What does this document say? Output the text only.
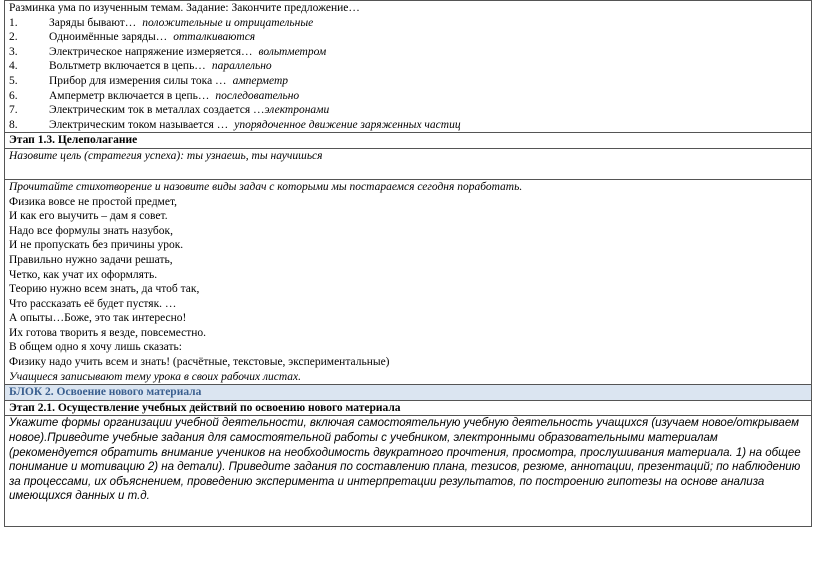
Разминка ума по изученным темам. Задание: Закончите предложение…

1.	Заряды бывают… положительные и отрицательные
2.	Одноимённые заряды… отталкиваются
3.	Электрическое напряжение измеряется… вольтметром
4.	Вольтметр включается в цепь… параллельно
5.	Прибор для измерения силы тока … амперметр
6.	Амперметр включается в цепь… последовательно
7.	Электрическим ток в металлах создается … электронами
8.	Электрическим током называется … упорядоченное движение заряженных частиц

Этап 1.3. Целеполагание
Назовите цель (стратегия успеха): ты узнаешь, ты научишься

Прочитайте стихотворение и назовите виды задач с которыми мы постараемся сегодня поработать.
Физика вовсе не простой предмет,
И как его выучить – дам я совет.
Надо все формулы знать назубок,
И не пропускать без причины урок.
Правильно нужно задачи решать,
Четко, как учат их оформлять.
Теорию нужно всем знать, да чтоб так,
Что рассказать её будет пустяк. …
А опыты…Боже, это так интересно!
Их готова творить я везде, повсеместно.
В общем одно я хочу лишь сказать:
Физику надо учить всем и знать! (расчётные, текстовые, экспериментальные)
Учащиеся записывают тему урока в своих рабочих листах.

БЛОК 2. Освоение нового материала
Этап 2.1. Осуществление учебных действий по освоению нового материала
Укажите формы организации учебной деятельности, включая самостоятельную учебную деятельность учащихся (изучаем новое/открываем новое).Приведите учебные задания для самостоятельной работы с учебником, электронными образовательными материалам (рекомендуется обратить внимание учеников на необходимость двукратного прочтения, просмотра, прослушивания материала. 1) на общее понимание и мотивацию 2) на детали). Приведите задания по составлению плана, тезисов, резюме, аннотации, презентаций; по наблюдению за процессами, их объяснением, проведению эксперимента и интерпретации результатов, по построению гипотезы на основе анализа имеющихся данных и т.д.
